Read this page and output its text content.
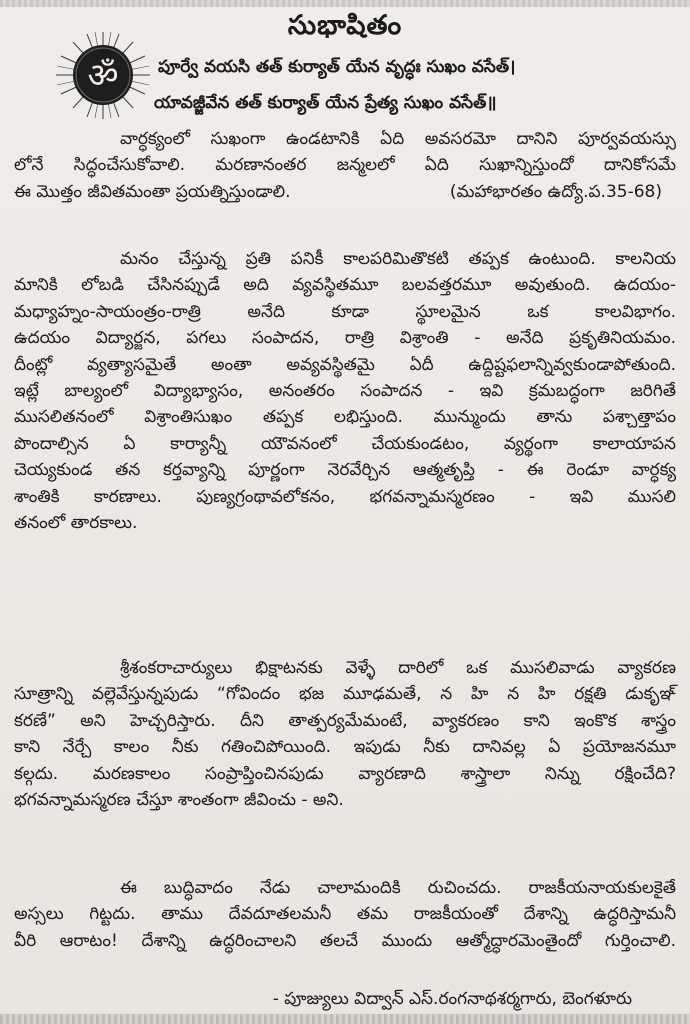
సుభాషితం
ॐ పూర్వే వయసి తత్ కుర్యాత్ యేన వృద్ధః సుఖం వసేత్।
యావజ్జీవేన తత్ కుర్యాత్ యేన ప్రేత్య సుఖం వసేత్॥
వార్ధక్యంలో సుఖంగా ఉండటానికి ఏది అవసరమో దానిని పూర్వవయస్సు
లోనే సిద్ధంచేసుకోవాలి. మరణానంతర జన్మలలో ఏది సుఖాన్నిస్తుందో దానికోసమే
ఈ మొత్తం జీవితమంతా ప్రయత్నిస్తుండాలి.	(మహాభారతం ఉద్యో.ప.35-68)
మనం చేస్తున్న ప్రతి పనికీ కాలపరిమితొకటి తప్పక ఉంటుంది. కాలనియ
మానికి లోబడి చేసినప్పుడే అది వ్యవస్థితమూ బలవత్తరమూ అవుతుంది. ఉదయం-
మధ్యాహ్నం-సాయంత్రం-రాత్రి అనేది కూడా స్థూలమైన ఒక కాలవిభాగం.
ఉదయం విద్యార్జన, పగలు సంపాదన, రాత్రి విశ్రాంతి - అనేది ప్రకృతినియమం.
దీంట్లో వ్యత్యాసమైతే అంతా అవ్యవస్థితమై ఏదీ ఉద్దిష్టఫలాన్నివ్వకుండాపోతుంది.
ఇట్లే బాల్యంలో విద్యాభ్యాసం, అనంతరం సంపాదన - ఇవి క్రమబద్ధంగా జరిగితే
ముసలితనంలో విశ్రాంతిసుఖం తప్పక లభిస్తుంది. మున్ముందు తాను పశ్చాత్తాపం
పొందాల్సిన ఏ కార్యాన్నీ యౌవనంలో చేయకుండటం, వ్యర్థంగా కాలాయాపన
చెయ్యకుండ తన కర్తవ్యాన్ని పూర్ణంగా నెరవేర్చిన ఆత్మతృప్తి - ఈ రెండూ వార్ధక్య
శాంతికి కారణాలు. పుణ్యగ్రంథావలోకనం, భగవన్నామస్మరణం - ఇవి ముసలి
తనంలో తారకాలు.
శ్రీశంకరాచార్యులు భిక్షాటనకు వెళ్ళే దారిలో ఒక ముసలివాడు వ్యాకరణ
సూత్రాన్ని వల్లెవేస్తున్నపుడు “గోవిందం భజ మూఢమతే, న హి న హి రక్షతి డుకృఞ్
కరణే” అని హెచ్చరిస్తారు. దీని తాత్పర్యమేమంటే, వ్యాకరణం కాని ఇంకొక శాస్త్రం
కాని నేర్చే కాలం నీకు గతించిపోయింది. ఇపుడు నీకు దానివల్ల ఏ ప్రయోజనమూ
కల్గదు. మరణకాలం సంప్రాప్తించినపుడు వ్యారణాది శాస్త్రాలా నిన్ను రక్షించేది?
భగవన్నామస్మరణ చేస్తూ శాంతంగా జీవించు - అని.
ఈ బుద్ధివాదం నేడు చాలామందికి రుచించదు. రాజకీయనాయకులకైతే
అస్సలు గిట్టదు. తాము దేవదూతలమనీ తమ రాజకీయంతో దేశాన్ని ఉద్ధరిస్తామనీ
వీరి ఆరాటం! దేశాన్ని ఉద్ధరించాలని తలచే ముందు ఆత్మోద్ధారమెంతైందో గుర్తించాలి.
- పూజ్యులు విద్వాన్ ఎస్.రంగనాథశర్మగారు, బెంగళూరు
